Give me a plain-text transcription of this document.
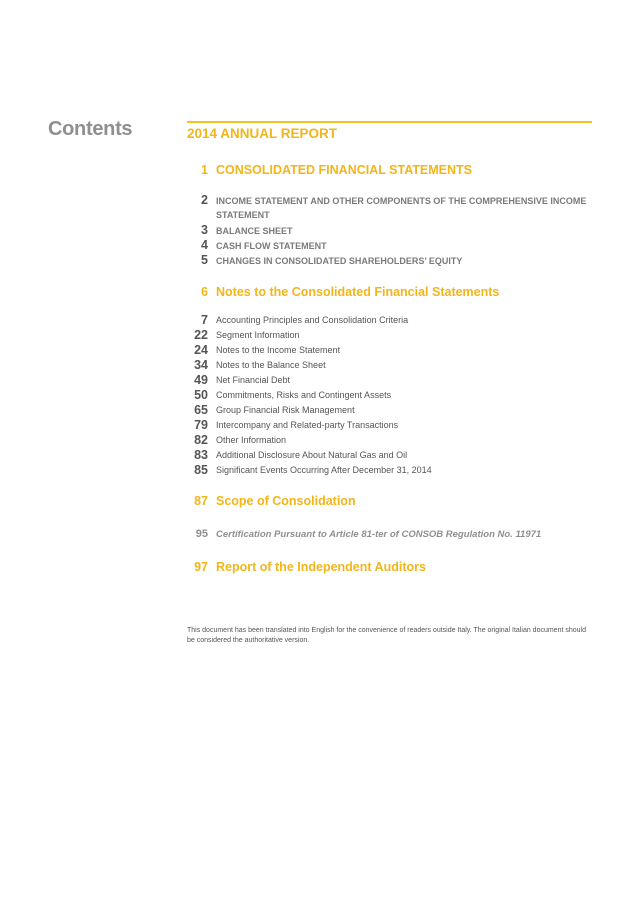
Contents	2014 ANNUAL REPORT
1 CONSOLIDATED FINANCIAL STATEMENTS
2 INCOME STATEMENT AND OTHER COMPONENTS OF THE COMPREHENSIVE INCOME STATEMENT
3 BALANCE SHEET
4 CASH FLOW STATEMENT
5 CHANGES IN CONSOLIDATED SHAREHOLDERS’ EQUITY
6 Notes to the Consolidated Financial Statements
7 Accounting Principles and Consolidation Criteria
22 Segment Information
24 Notes to the Income Statement
34 Notes to the Balance Sheet
49 Net Financial Debt
50 Commitments, Risks and Contingent Assets
65 Group Financial Risk Management
79 Intercompany and Related-party Transactions
82 Other Information
83 Additional Disclosure About Natural Gas and Oil
85 Significant Events Occurring After December 31, 2014
87 Scope of Consolidation
95 Certification Pursuant to Article 81-ter of CONSOB Regulation No. 11971
97 Report of the Independent Auditors

This document has been translated into English for the convenience of readers outside Italy. The original Italian document should be considered the authoritative version.
